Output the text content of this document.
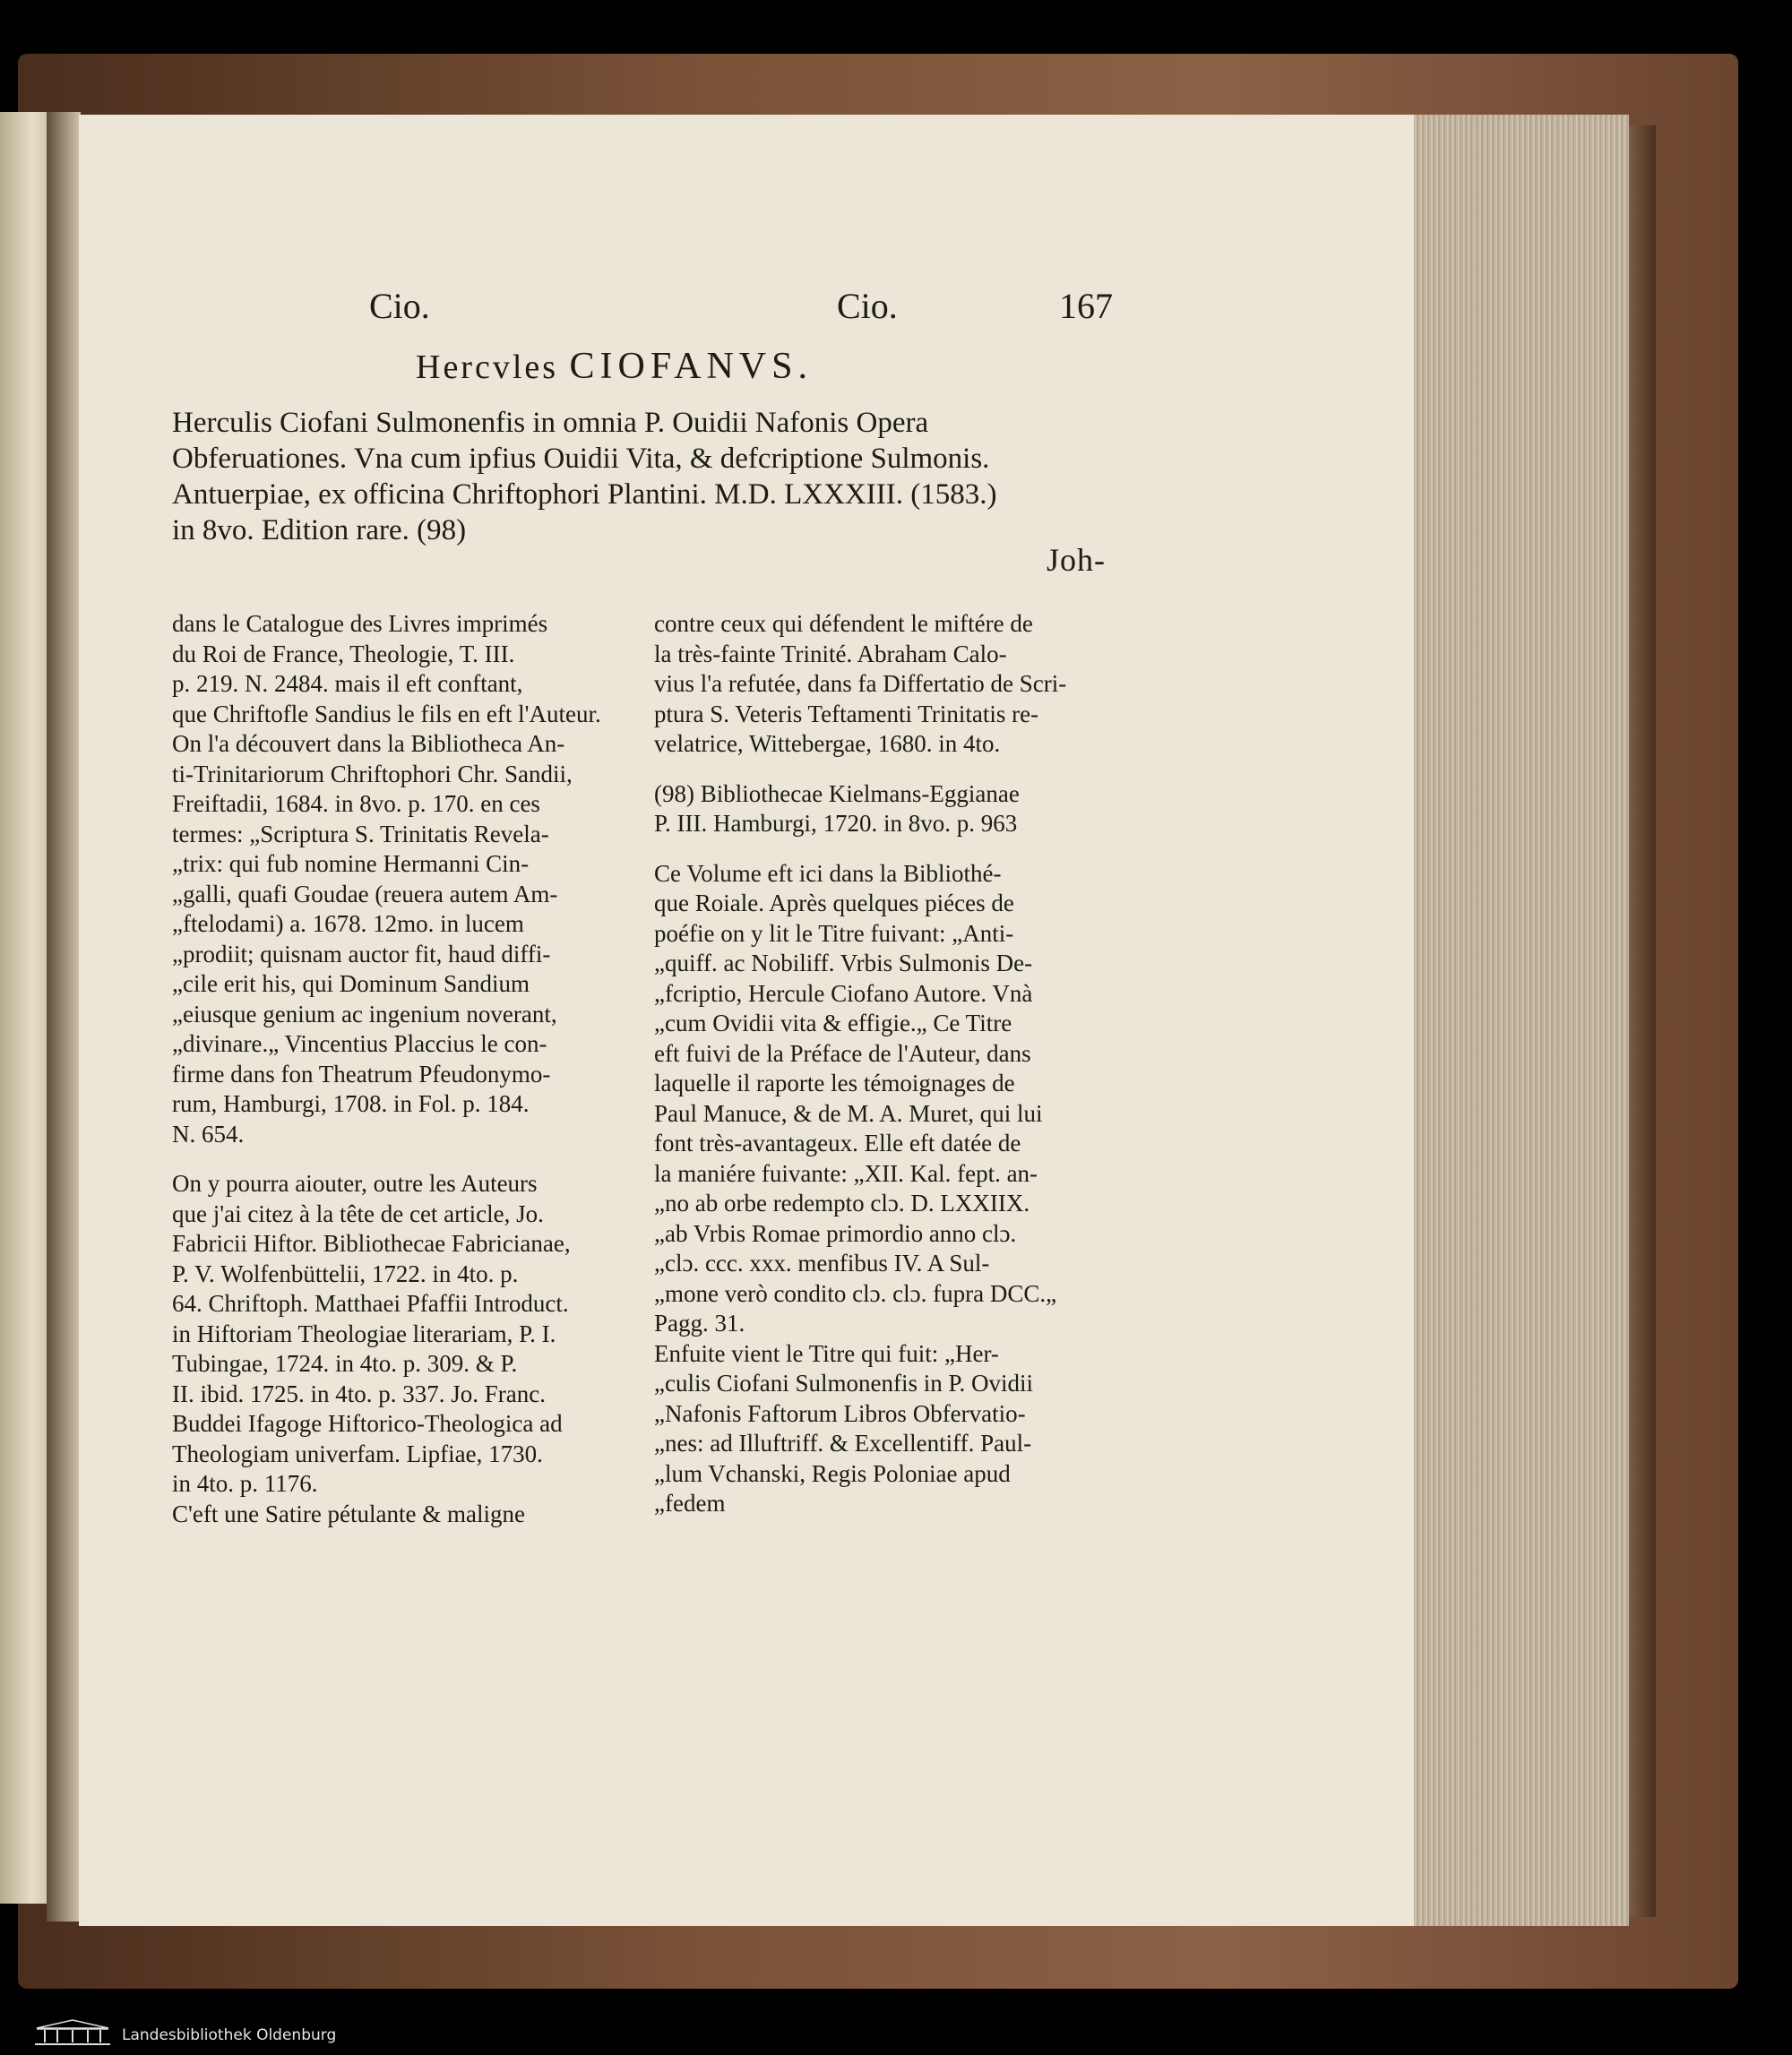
Cio.	Cio.	167
Hercvles CIOFANVS.
Herculis Ciofani Sulmonenfis in omnia P. Ouidii Nafonis Opera
Obferuationes. Vna cum ipfius Ouidii Vita, & defcriptione Sulmonis.
Antuerpiae, ex officina Chriftophori Plantini. M.D. LXXXIII. (1583.)
in 8vo. Edition rare. (98)
Joh-
dans le Catalogue des Livres imprimés
du Roi de France, Theologie, T. III.
p. 219. N. 2484. mais il eft conftant,
que Chriftofle Sandius le fils en eft l'Auteur.
On l'a découvert dans la Bibliotheca An-
ti-Trinitariorum Chriftophori Chr. Sandii,
Freiftadii, 1684. in 8vo. p. 170. en ces
termes: „Scriptura S. Trinitatis Revela-
„trix: qui fub nomine Hermanni Cin-
„galli, quafi Goudae (reuera autem Am-
„ftelodami) a. 1678. 12mo. in lucem
„prodiit; quisnam auctor fit, haud diffi-
„cile erit his, qui Dominum Sandium
„eiusque genium ac ingenium noverant,
„divinare.„ Vincentius Placcius le con-
firme dans fon Theatrum Pfeudonymo-
rum, Hamburgi, 1708. in Fol. p. 184.
N. 654.
On y pourra aiouter, outre les Auteurs
que j'ai citez à la tête de cet article, Jo.
Fabricii Hiftor. Bibliothecae Fabricianae,
P. V. Wolfenbüttelii, 1722. in 4to. p.
64. Chriftoph. Matthaei Pfaffii Introduct.
in Hiftoriam Theologiae literariam, P. I.
Tubingae, 1724. in 4to. p. 309. & P.
II. ibid. 1725. in 4to. p. 337. Jo. Franc.
Buddei Ifagoge Hiftorico-Theologica ad
Theologiam univerfam. Lipfiae, 1730.
in 4to. p. 1176.
C'eft une Satire pétulante & maligne
contre ceux qui défendent le miftére de
la très-fainte Trinité. Abraham Calo-
vius l'a refutée, dans fa Differtatio de Scri-
ptura S. Veteris Teftamenti Trinitatis re-
velatrice, Wittebergae, 1680. in 4to.
(98) Bibliothecae Kielmans-Eggianae
P. III. Hamburgi, 1720. in 8vo. p. 963
Ce Volume eft ici dans la Bibliothé-
que Roiale. Après quelques piéces de
poéfie on y lit le Titre fuivant: „Anti-
„quiff. ac Nobiliff. Vrbis Sulmonis De-
„fcriptio, Hercule Ciofano Autore. Vnà
„cum Ovidii vita & effigie.„ Ce Titre
eft fuivi de la Préface de l'Auteur, dans
laquelle il raporte les témoignages de
Paul Manuce, & de M. A. Muret, qui lui
font très-avantageux. Elle eft datée de
la maniére fuivante: „XII. Kal. fept. an-
„no ab orbe redempto clɔ. D. LXXIIX.
„ab Vrbis Romae primordio anno clɔ.
„clɔ. ccc. xxx. menfibus IV. A Sul-
„mone verò condito clɔ. clɔ. fupra DCC.„
Pagg. 31.
Enfuite vient le Titre qui fuit: „Her-
„culis Ciofani Sulmonenfis in P. Ovidii
„Nafonis Faftorum Libros Obfervatio-
„nes: ad Illuftriff. & Excellentiff. Paul-
„lum Vchanski, Regis Poloniae apud
„fedem
Landesbibliothek Oldenburg
